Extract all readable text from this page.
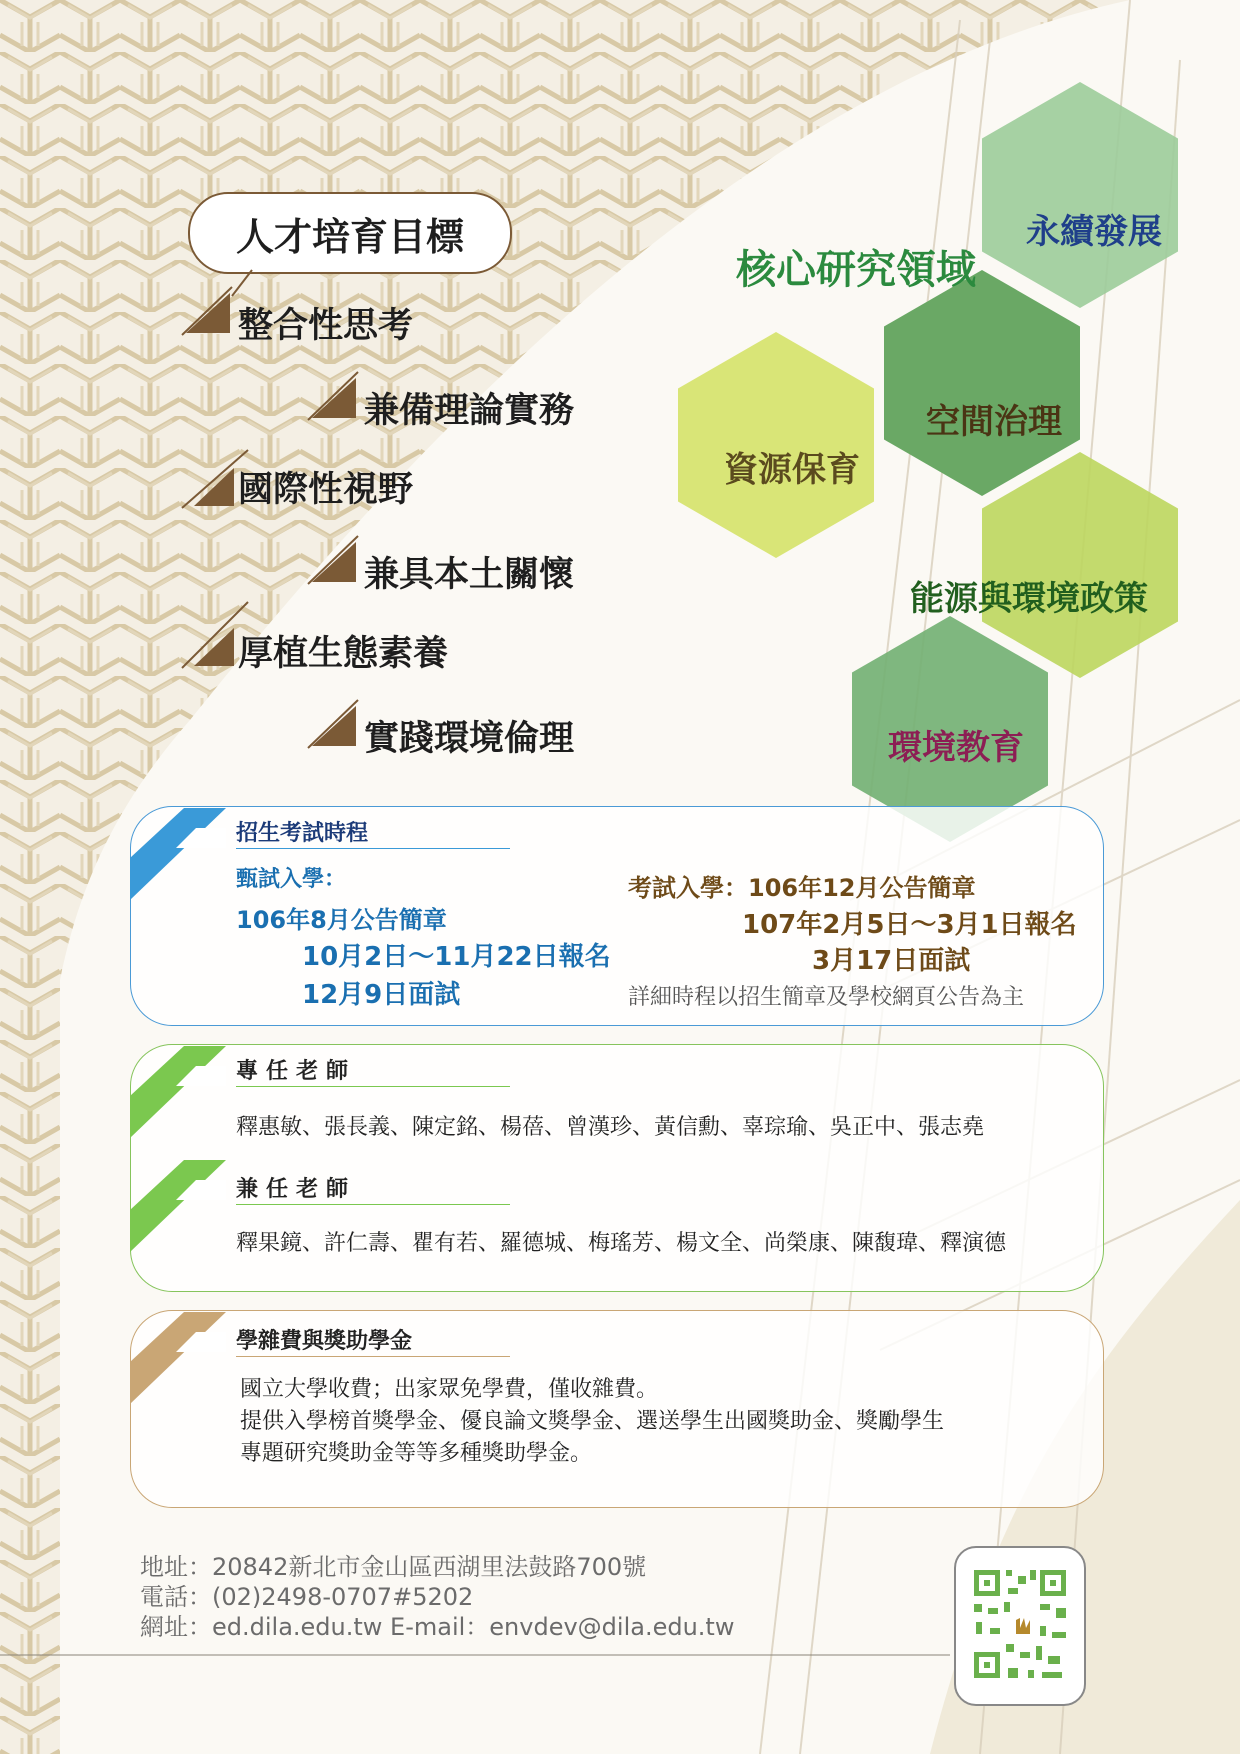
人才培育目標
整合性思考
兼備理論實務
國際性視野
兼具本土關懷
厚植生態素養
實踐環境倫理
核心研究領域
永續發展
空間治理
資源保育
能源與環境政策
環境教育
招生考試時程
甄試入學：
106年8月公告簡章
10月2日～11月22日報名
12月9日面試
考試入學：106年12月公告簡章
107年2月5日～3月1日報名
3月17日面試
詳細時程以招生簡章及學校網頁公告為主
專任老師
釋惠敏、張長義、陳定銘、楊蓓、曾漢珍、黃信勳、辜琮瑜、吳正中、張志堯
兼任老師
釋果鏡、許仁壽、瞿有若、羅德城、梅瑤芳、楊文全、尚榮康、陳馥瑋、釋演德
學雜費與獎助學金
國立大學收費；出家眾免學費，僅收雜費。
提供入學榜首獎學金、優良論文獎學金、選送學生出國獎助金、獎勵學生
專題研究獎助金等等多種獎助學金。
地址：20842新北市金山區西湖里法鼓路700號
電話：(02)2498-0707#5202
網址：ed.dila.edu.tw E-mail：envdev@dila.edu.tw
